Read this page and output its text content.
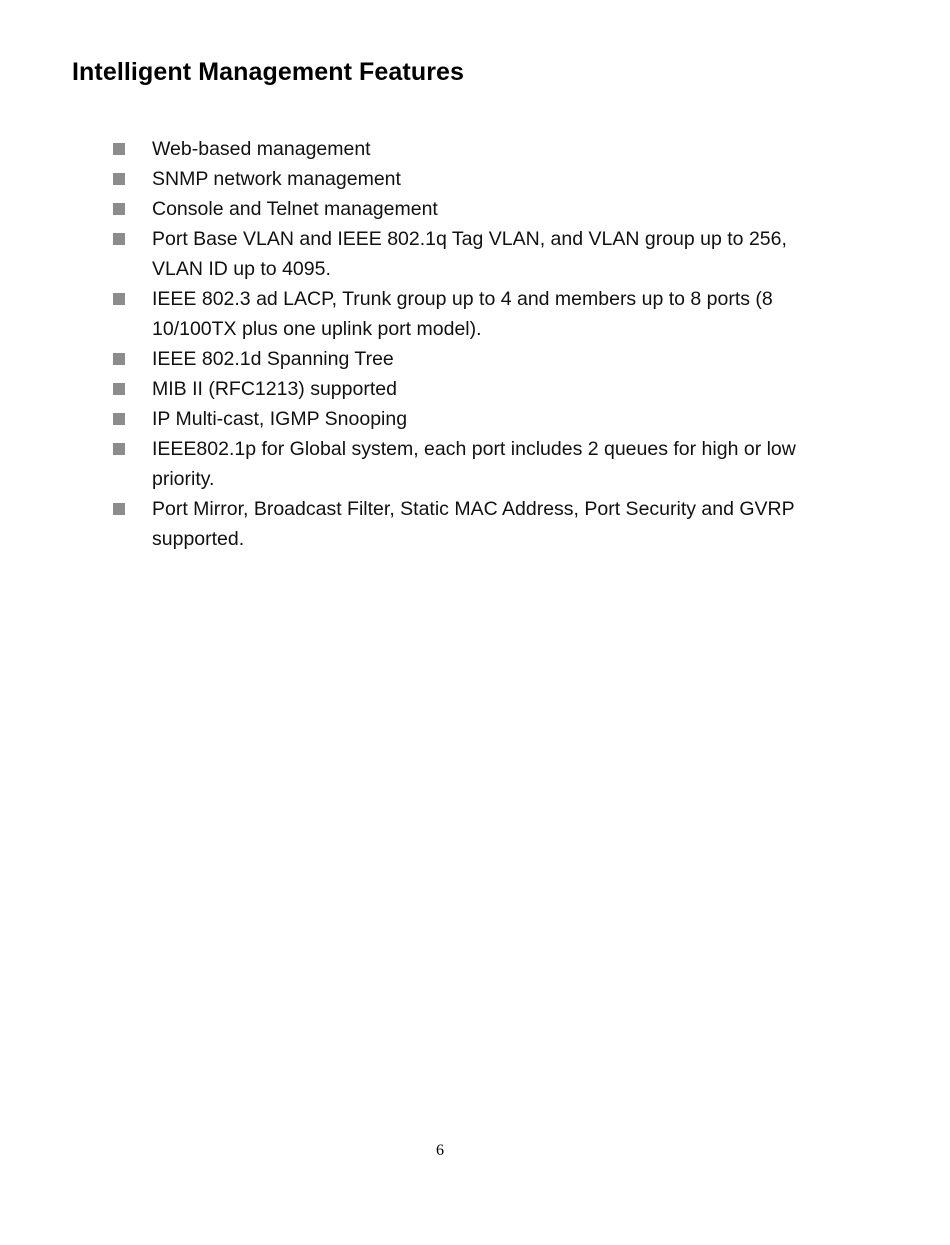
Intelligent Management Features
Web-based management
SNMP network management
Console and Telnet management
Port Base VLAN and IEEE 802.1q Tag VLAN, and VLAN group up to 256, VLAN ID up to 4095.
IEEE 802.3 ad LACP, Trunk group up to 4 and members up to 8 ports (8 10/100TX plus one uplink port model).
IEEE 802.1d Spanning Tree
MIB II (RFC1213) supported
IP Multi-cast, IGMP Snooping
IEEE802.1p for Global system, each port includes 2 queues for high or low priority.
Port Mirror, Broadcast Filter, Static MAC Address, Port Security and GVRP supported.
6
